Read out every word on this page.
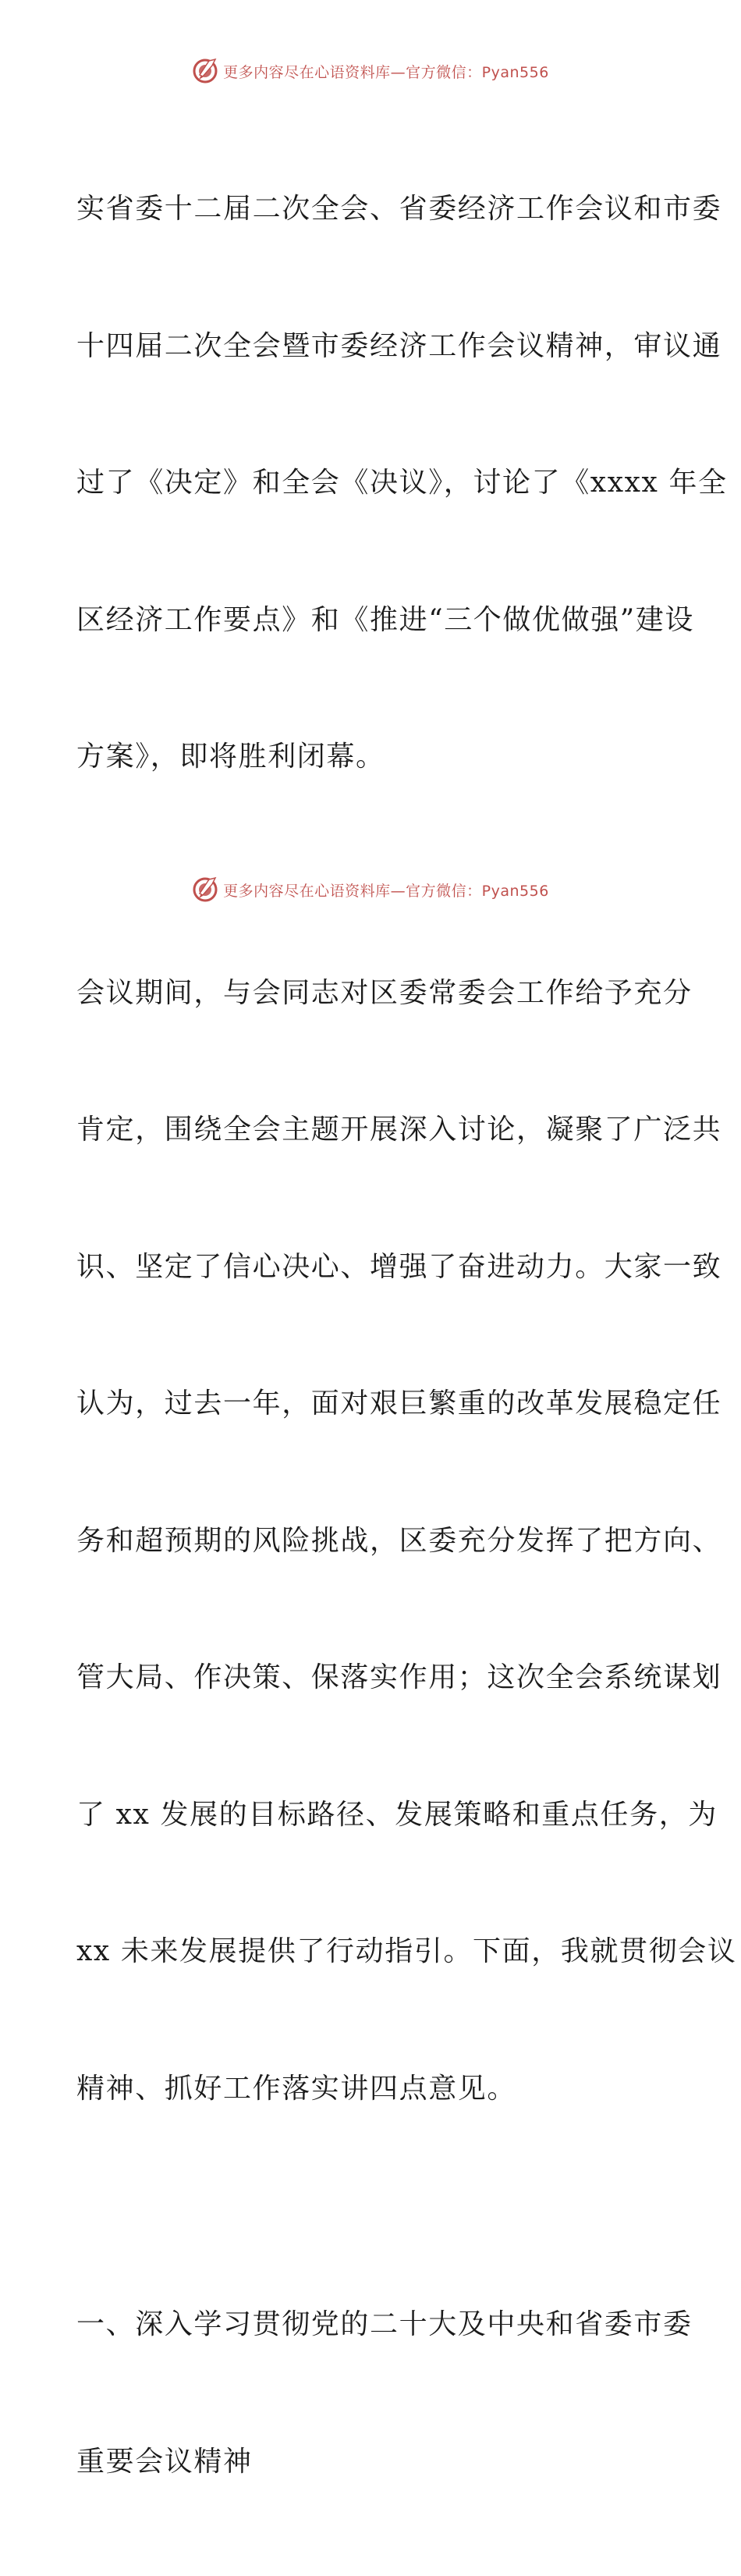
更多内容尽在心语资料库—官方微信：Pyan556

实省委十二届二次全会、省委经济工作会议和市委

十四届二次全会暨市委经济工作会议精神，审议通

过了《决定》和全会《决议》，讨论了《xxxx 年全

区经济工作要点》和《推进“三个做优做强”建设

方案》，即将胜利闭幕。

会议期间，与会同志对区委常委会工作给予充分

肯定，围绕全会主题开展深入讨论，凝聚了广泛共

识、坚定了信心决心、增强了奋进动力。大家一致

认为，过去一年，面对艰巨繁重的改革发展稳定任

务和超预期的风险挑战，区委充分发挥了把方向、

管大局、作决策、保落实作用；这次全会系统谋划

了 xx 发展的目标路径、发展策略和重点任务，为

xx 未来发展提供了行动指引。下面，我就贯彻会议

精神、抓好工作落实讲四点意见。

一、深入学习贯彻党的二十大及中央和省委市委

重要会议精神

更多内容尽在心语资料库—官方微信：Pyan556
